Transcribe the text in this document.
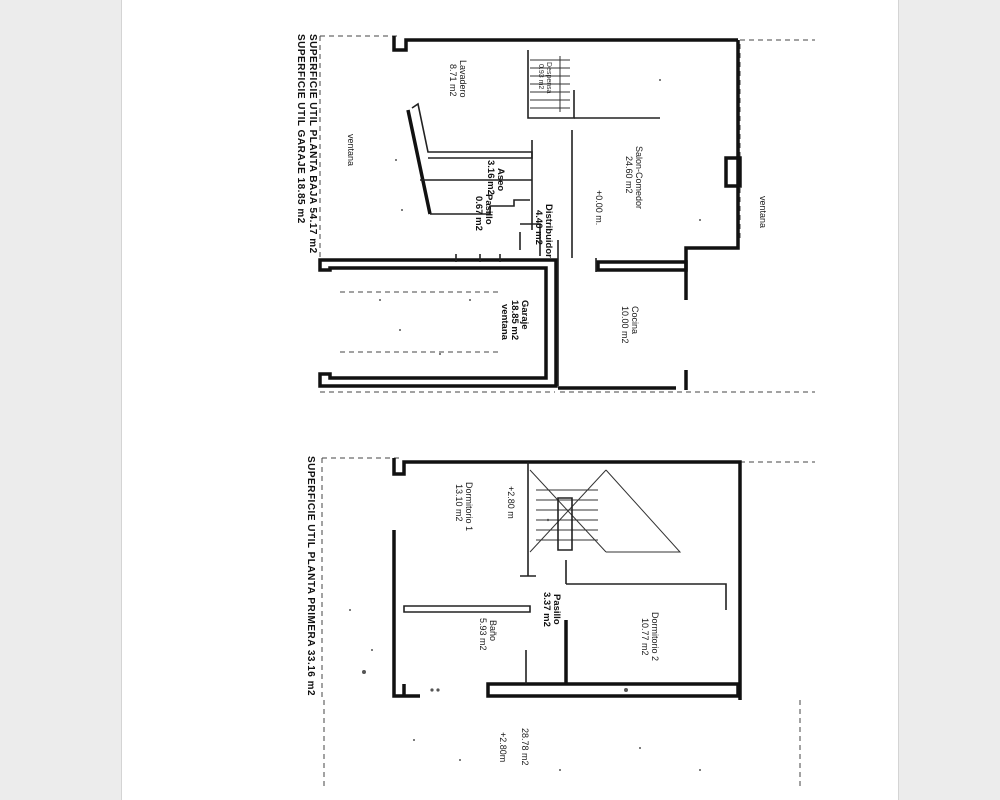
SUPERFICIE UTIL PLANTA BAJA 54.17 m2
SUPERFICIE UTIL GARAJE 18.85 m2	ventana
ventana
Lavadero
8.71 m2	Despensa
0.93 m2
Salon-Comedor
24.60 m2
+0.00 m.
Aseo
3.16 m2
Distribuidor
4.40 m2
Pasillo
0.67 m2
Garaje
18.85 m2
ventana	Cocina
10.00 m2
SUPERFICIE UTIL PLANTA PRIMERA 33.16 m2	+2.80 m
Dormitorio 1
13.10 m2
Pasillo
3.37 m2
Baño
5.93 m2	Dormitorio 2
10.77 m2
28.78 m2
+2.80m
